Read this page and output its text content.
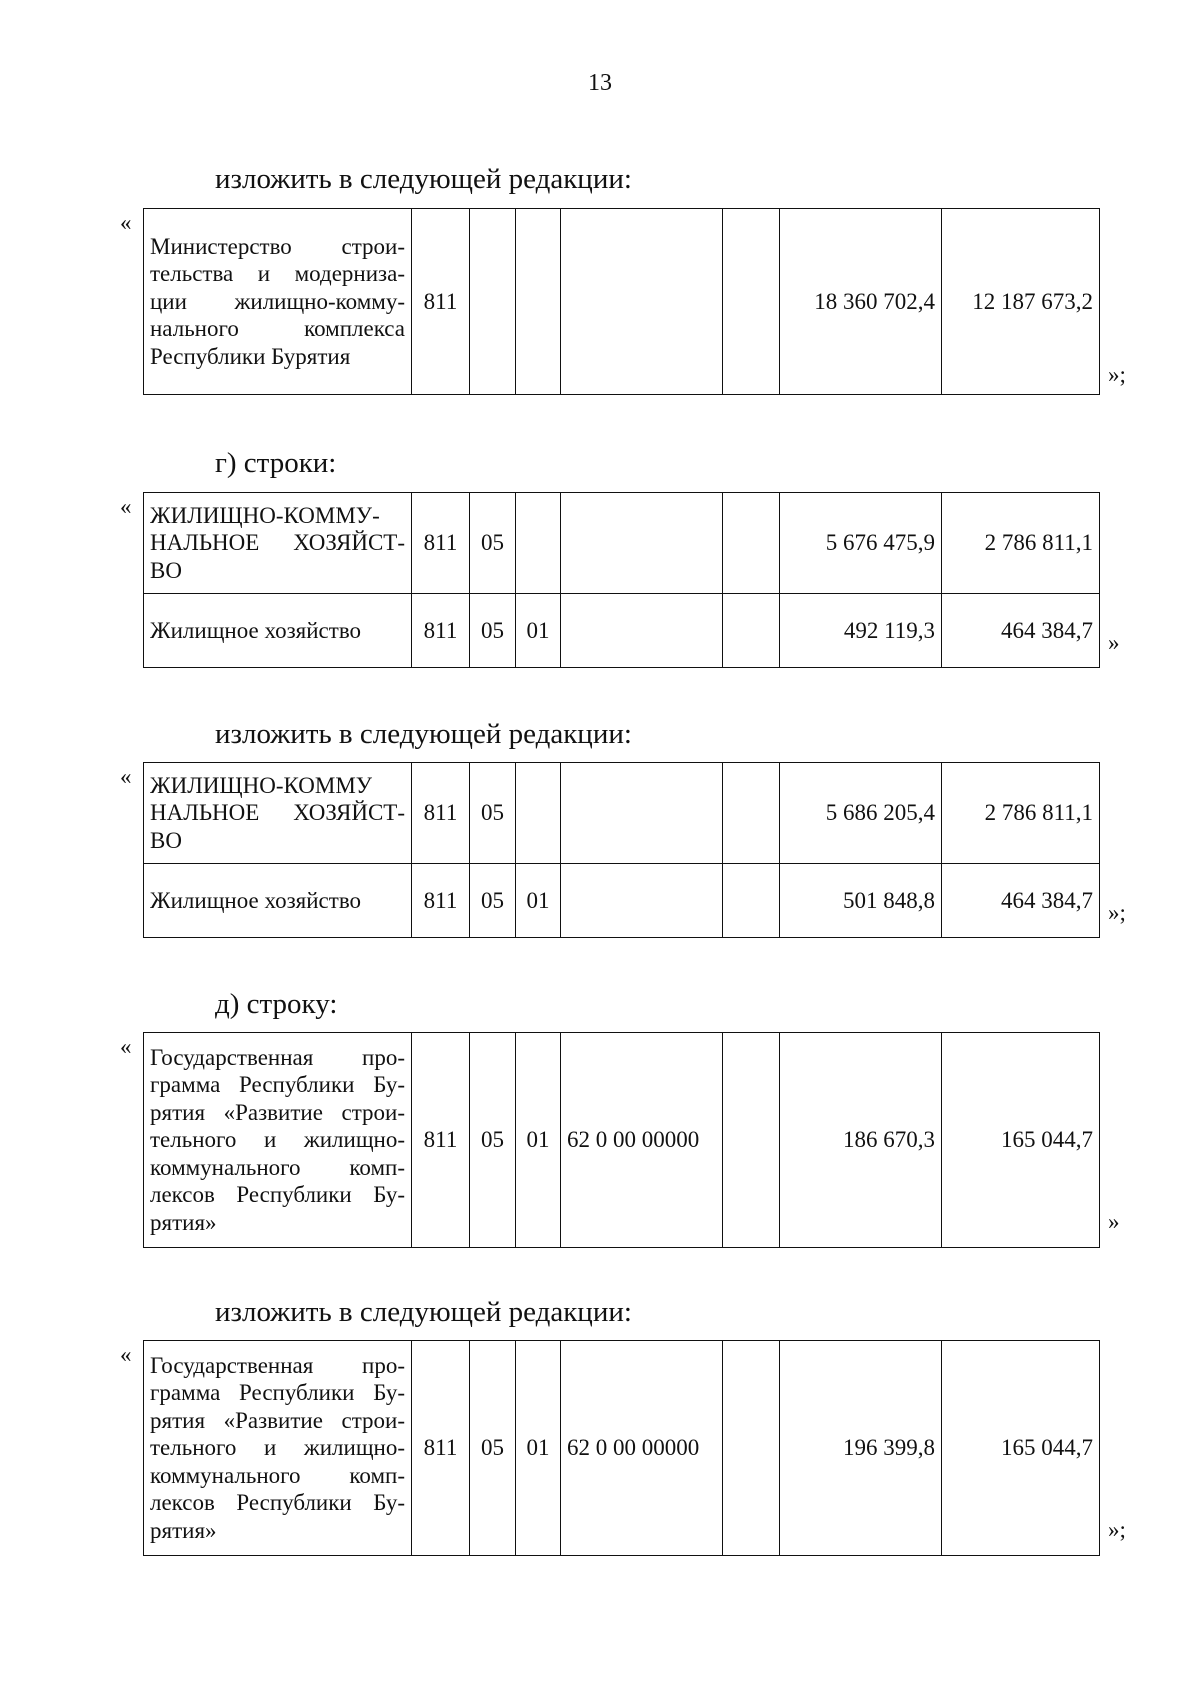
13
изложить в следующей редакции:
«
Министерство строи-
тельства и модерниза-
ции жилищно-комму-
нального комплекса
Республики Бурятия
	811					18 360 702,4	12 187 673,2
»;
г) строки:
« ЖИЛИЩНО-КОММУ-
НАЛЬНОЕ ХОЗЯЙСТ-
ВО	811	05				5 676 475,9	2 786 811,1

Жилищное хозяйство	811	05	01			492 119,3	464 384,7 »
изложить в следующей редакции:
« ЖИЛИЩНО-КОММУ
НАЛЬНОЕ ХОЗЯЙСТ-
ВО	811	05				5 686 205,4	2 786 811,1

Жилищное хозяйство	811	05	01			501 848,8	464 384,7 »;
д) строку:
« Государственная про-
грамма Республики Бу-
рятия «Развитие строи-
тельного и жилищно-
коммунального комп-
лексов Республики Бу-
рятия»
	811	05	01	62 0 00 00000		186 670,3	165 044,7
»
изложить в следующей редакции:
« Государственная про-
грамма Республики Бу-
рятия «Развитие строи-
тельного и жилищно-
коммунального комп-
лексов Республики Бу-
рятия»
	811	05	01	62 0 00 00000		196 399,8	165 044,7
»;
